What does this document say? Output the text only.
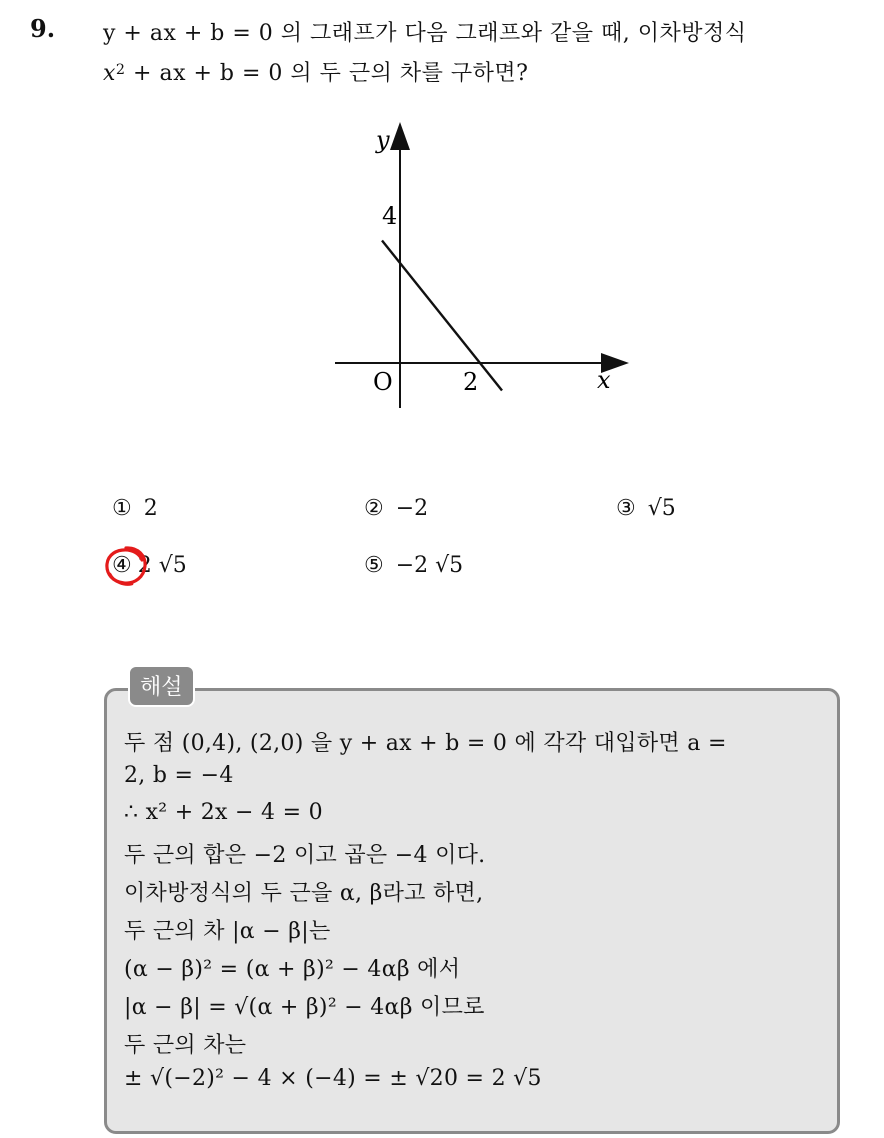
9. y + ax + b = 0 의 그래프가 다음 그래프와 같을 때, 이차방정식
$x^2$ + ax + b = 0 의 두 근의 차를 구하면?
y
x
O
4
2
① 2	② −2	③ √5
④ 2 √5	⑤ −2 √5
해설
두 점 (0,4), (2,0) 을 y + ax + b = 0 에 각각 대입하면 a =
2, b = −4
∴ x² + 2x − 4 = 0
두 근의 합은 −2 이고 곱은 −4 이다.
이차방정식의 두 근을 α, β라고 하면,
두 근의 차 |α − β|는
(α − β)² = (α + β)² − 4αβ 에서
|α − β| = √(α + β)² − 4αβ 이므로
두 근의 차는
± √(−2)² − 4 × (−4) = ± √20 = 2 √5
